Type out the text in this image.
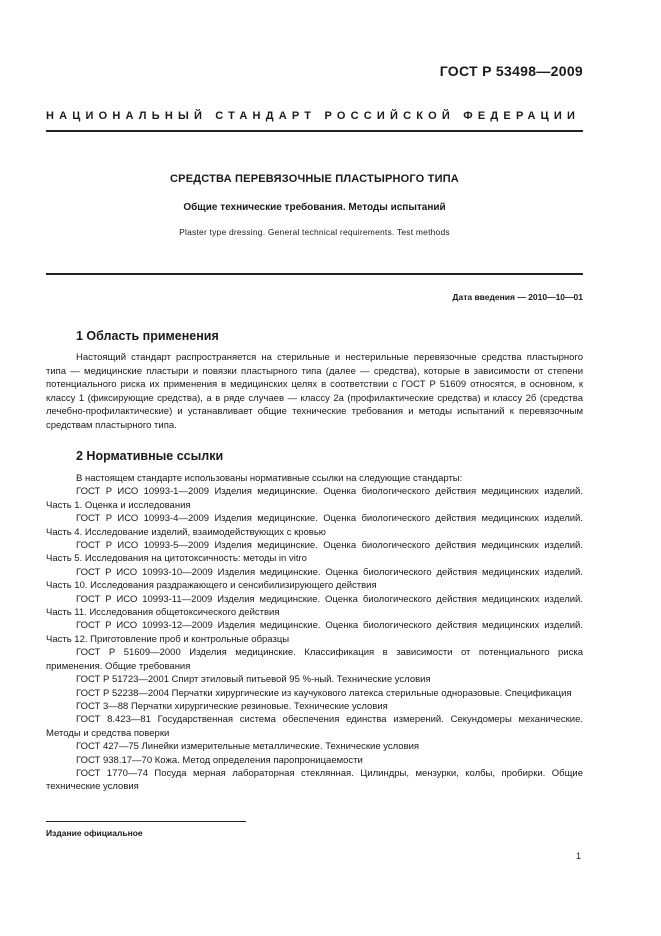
ГОСТ Р 53498—2009
НАЦИОНАЛЬНЫЙ СТАНДАРТ РОССИЙСКОЙ ФЕДЕРАЦИИ
СРЕДСТВА ПЕРЕВЯЗОЧНЫЕ ПЛАСТЫРНОГО ТИПА
Общие технические требования. Методы испытаний
Plaster type dressing. General technical requirements. Test methods
Дата введения — 2010—10—01
1 Область применения
Настоящий стандарт распространяется на стерильные и нестерильные перевязочные средства пластырного типа — медицинские пластыри и повязки пластырного типа (далее — средства), которые в зависимости от степени потенциального риска их применения в медицинских целях в соответствии с ГОСТ Р 51609 относятся, в основном, к классу 1 (фиксирующие средства), а в ряде случаев — классу 2а (профилактические средства) и классу 2б (средства лечебно-профилактические) и устанавливает общие технические требования и методы испытаний к перевязочным средствам пластырного типа.
2 Нормативные ссылки

В настоящем стандарте использованы нормативные ссылки на следующие стандарты:

ГОСТ Р ИСО 10993-1—2009 Изделия медицинские. Оценка биологического действия медицинских изделий. Часть 1. Оценка и исследования

ГОСТ Р ИСО 10993-4—2009 Изделия медицинские. Оценка биологического действия медицинских изделий. Часть 4. Исследование изделий, взаимодействующих с кровью

ГОСТ Р ИСО 10993-5—2009 Изделия медицинские. Оценка биологического действия медицинских изделий. Часть 5. Исследования на цитотоксичность: методы in vitro

ГОСТ Р ИСО 10993-10—2009 Изделия медицинские. Оценка биологического действия медицинских изделий. Часть 10. Исследования раздражающего и сенсибилизирующего действия

ГОСТ Р ИСО 10993-11—2009 Изделия медицинские. Оценка биологического действия медицинских изделий. Часть 11. Исследования общетоксического действия

ГОСТ Р ИСО 10993-12—2009 Изделия медицинские. Оценка биологического действия медицинских изделий. Часть 12. Приготовление проб и контрольные образцы

ГОСТ Р 51609—2000 Изделия медицинские. Классификация в зависимости от потенциального риска применения. Общие требования

ГОСТ Р 51723—2001 Спирт этиловый питьевой 95 %-ный. Технические условия

ГОСТ Р 52238—2004 Перчатки хирургические из каучукового латекса стерильные одноразовые. Спецификация

ГОСТ 3—88 Перчатки хирургические резиновые. Технические условия

ГОСТ 8.423—81 Государственная система обеспечения единства измерений. Секундомеры механические. Методы и средства поверки

ГОСТ 427—75 Линейки измерительные металлические. Технические условия

ГОСТ 938.17—70 Кожа. Метод определения паропроницаемости

ГОСТ 1770—74 Посуда мерная лабораторная стеклянная. Цилиндры, мензурки, колбы, пробирки. Общие технические условия

Издание официальное
1
